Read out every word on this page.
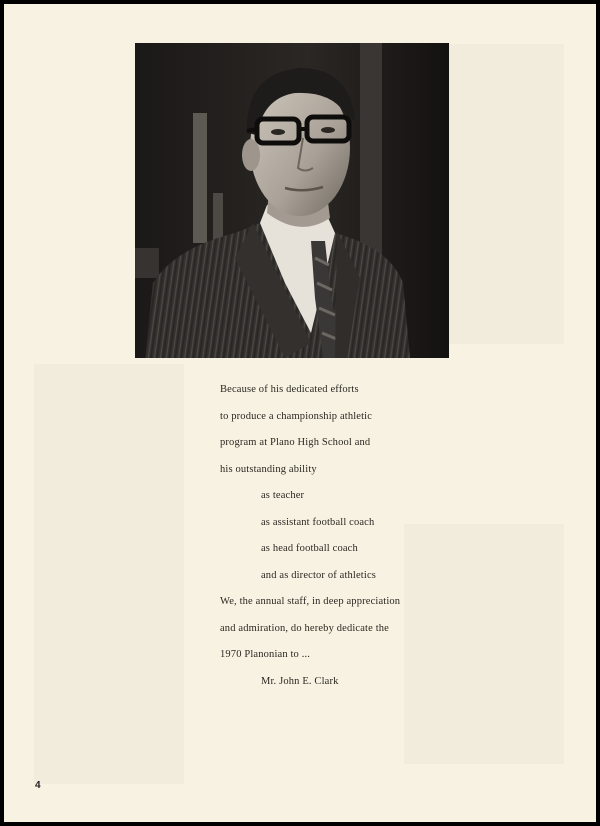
Because of his dedicated efforts
to produce a championship athletic
program at Plano High School and
his outstanding ability
as teacher
as assistant football coach
as head football coach
and as director of athletics
We, the annual staff, in deep appreciation
and admiration, do hereby dedicate the
1970 Planonian to ...
Mr. John E. Clark
4
